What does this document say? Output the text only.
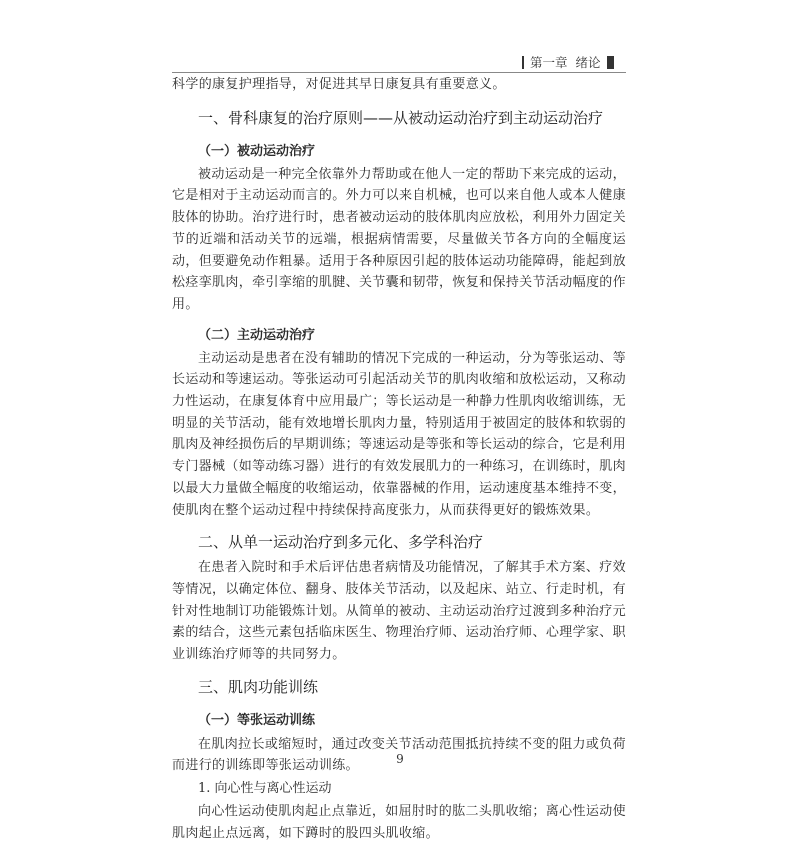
第一章 绪论

科学的康复护理指导，对促进其早日康复具有重要意义。

一、骨科康复的治疗原则——从被动运动治疗到主动运动治疗
（一）被动运动治疗

被动运动是一种完全依靠外力帮助或在他人一定的帮助下来完成的运动，它是相对于主动运动而言的。外力可以来自机械，也可以来自他人或本人健康肢体的协助。治疗进行时，患者被动运动的肢体肌肉应放松，利用外力固定关节的近端和活动关节的远端，根据病情需要，尽量做关节各方向的全幅度运动，但要避免动作粗暴。适用于各种原因引起的肢体运动功能障碍，能起到放松痉挛肌肉，牵引挛缩的肌腱、关节囊和韧带，恢复和保持关节活动幅度的作用。

（二）主动运动治疗

主动运动是患者在没有辅助的情况下完成的一种运动，分为等张运动、等长运动和等速运动。等张运动可引起活动关节的肌肉收缩和放松运动，又称动力性运动，在康复体育中应用最广；等长运动是一种静力性肌肉收缩训练，无明显的关节活动，能有效地增长肌肉力量，特别适用于被固定的肢体和软弱的肌肉及神经损伤后的早期训练；等速运动是等张和等长运动的综合，它是利用专门器械（如等动练习器）进行的有效发展肌力的一种练习，在训练时，肌肉以最大力量做全幅度的收缩运动，依靠器械的作用，运动速度基本维持不变，使肌肉在整个运动过程中持续保持高度张力，从而获得更好的锻炼效果。

二、从单一运动治疗到多元化、多学科治疗

在患者入院时和手术后评估患者病情及功能情况，了解其手术方案、疗效等情况，以确定体位、翻身、肢体关节活动，以及起床、站立、行走时机，有针对性地制订功能锻炼计划。从简单的被动、主动运动治疗过渡到多种治疗元素的结合，这些元素包括临床医生、物理治疗师、运动治疗师、心理学家、职业训练治疗师等的共同努力。

三、肌肉功能训练
（一）等张运动训练

在肌肉拉长或缩短时，通过改变关节活动范围抵抗持续不变的阻力或负荷而进行的训练即等张运动训练。

1. 向心性与离心性运动

向心性运动使肌肉起止点靠近，如屈肘时的肱二头肌收缩；离心性运动使肌肉起止点远离，如下蹲时的股四头肌收缩。

9
